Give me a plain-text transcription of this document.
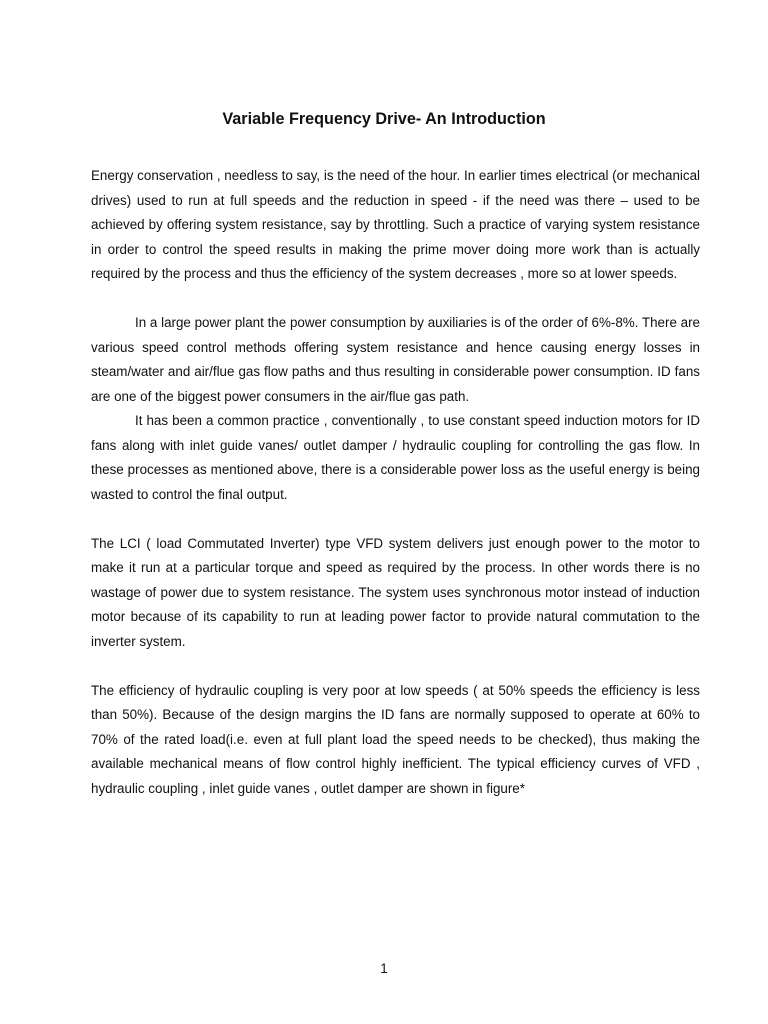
Variable Frequency Drive- An Introduction

Energy conservation , needless to say, is the need of the hour. In earlier times electrical (or mechanical drives) used to run at full speeds and the reduction in speed - if the need was there – used to be achieved by offering system resistance, say by throttling. Such a practice of varying system resistance in order to control the speed results in making the prime mover doing more work than is actually required by the process and thus the efficiency of the system decreases , more so at lower speeds.

In a large power plant the power consumption by auxiliaries is of the order of 6%-8%. There are various speed control methods offering system resistance and hence causing energy losses in steam/water and air/flue gas flow paths and thus resulting in considerable power consumption. ID fans are one of the biggest power consumers in the air/flue gas path.

It has been a common practice , conventionally , to use constant speed induction motors for ID fans along with inlet guide vanes/ outlet damper / hydraulic coupling for controlling the gas flow. In these processes as mentioned above, there is a considerable power loss as the useful energy is being wasted to control the final output.

The LCI ( load Commutated Inverter) type VFD system delivers just enough power to the motor to make it run at a particular torque and speed as required by the process. In other words there is no wastage of power due to system resistance. The system uses synchronous motor instead of induction motor because of its capability to run at leading power factor to provide natural commutation to the inverter system.

The efficiency of hydraulic coupling is very poor at low speeds ( at 50% speeds the efficiency is less than 50%). Because of the design margins the ID fans are normally supposed to operate at 60% to 70% of the rated load(i.e. even at full plant load the speed needs to be checked), thus making the available mechanical means of flow control highly inefficient. The typical efficiency curves of VFD , hydraulic coupling , inlet guide vanes , outlet damper are shown in figure*

1
